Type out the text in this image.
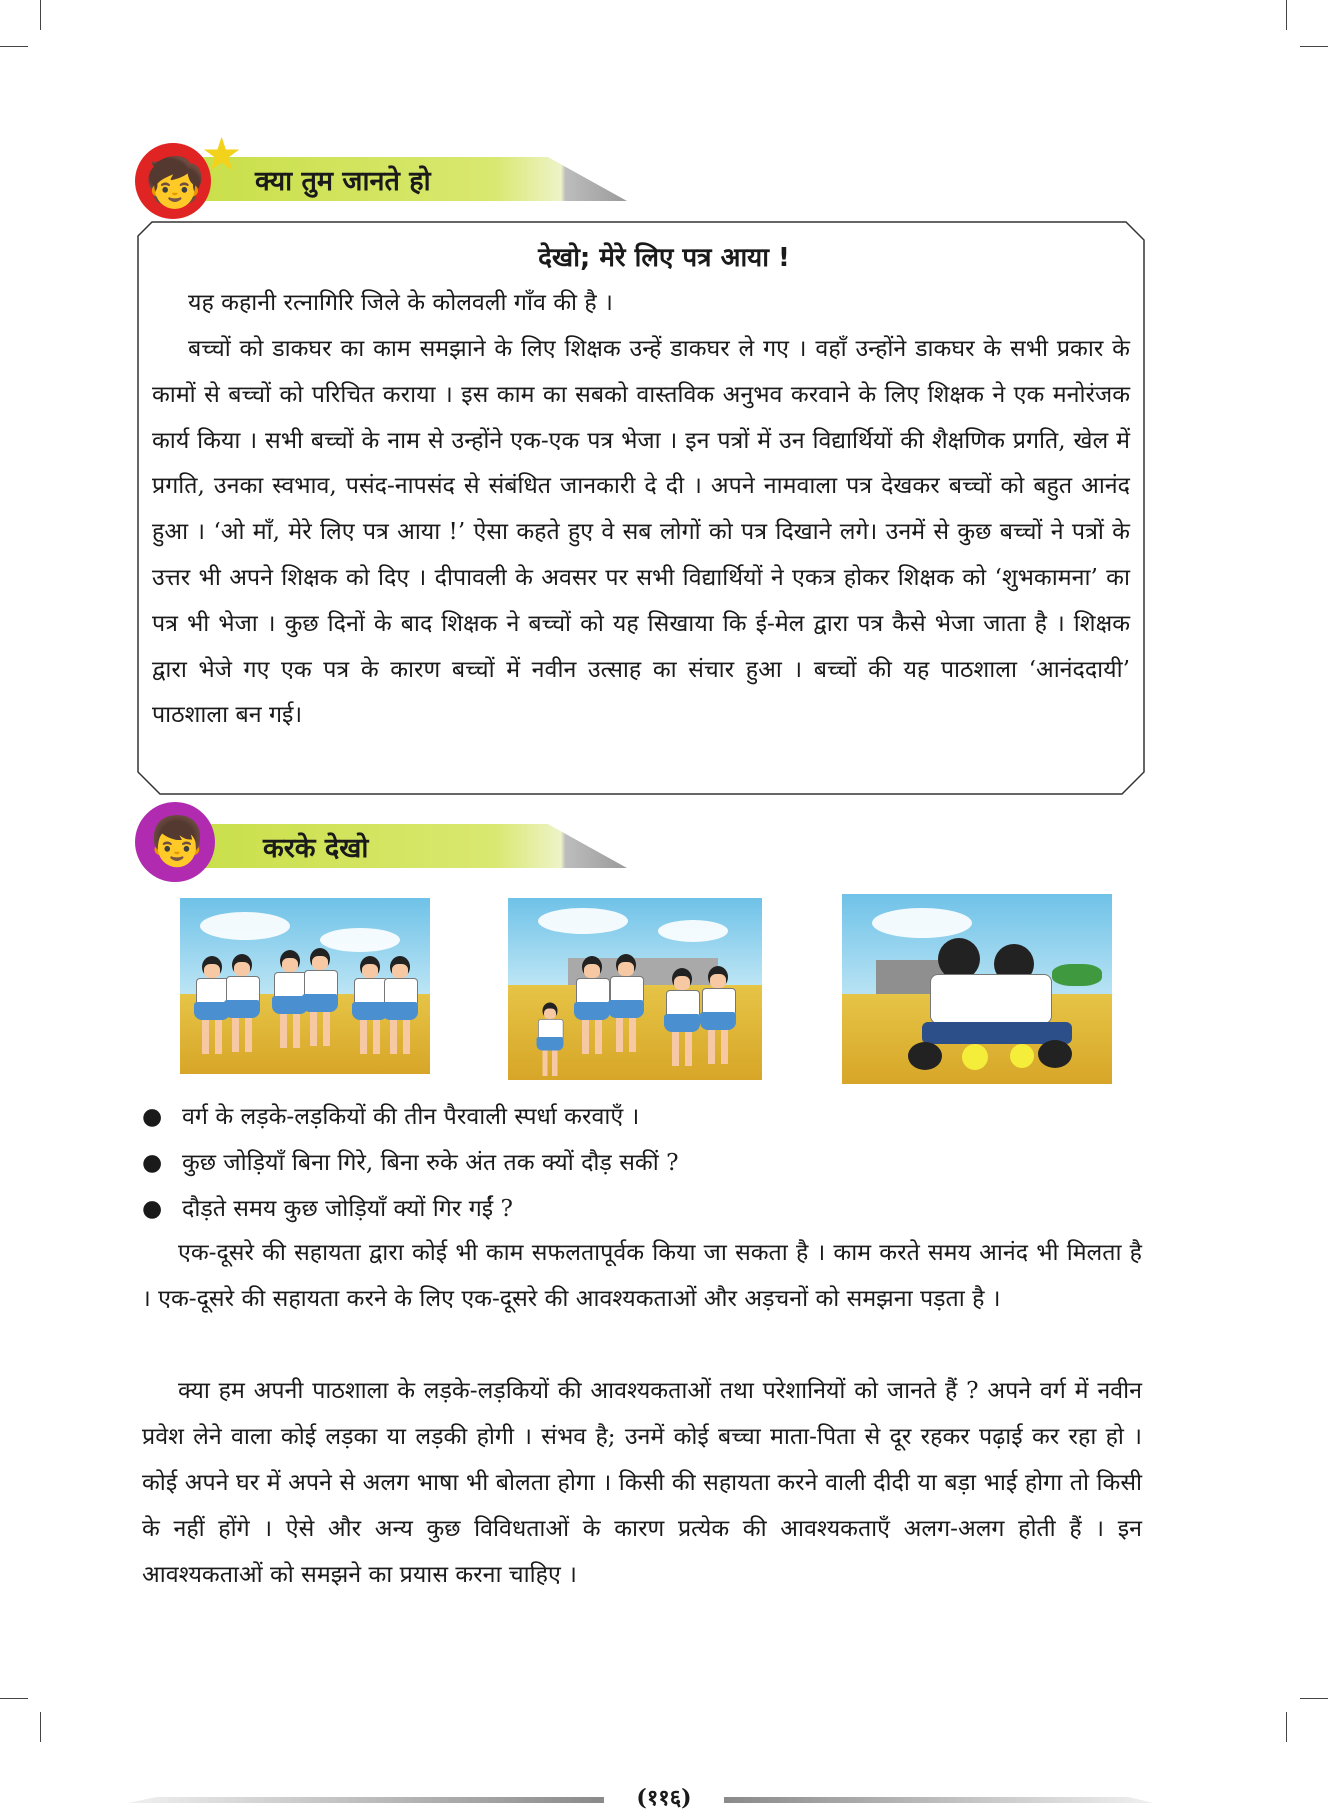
🧒
★
क्या तुम जानते हो
देखो; मेरे लिए पत्र आया !
यह कहानी रत्नागिरि जिले के कोलवली गाँव की है ।
बच्चों को डाकघर का काम समझाने के लिए शिक्षक उन्हें डाकघर ले गए । वहाँ उन्होंने डाकघर के सभी प्रकार के कामों से बच्चों को परिचित कराया । इस काम का सबको वास्तविक अनुभव करवाने के लिए शिक्षक ने एक मनोरंजक कार्य किया । सभी बच्चों के नाम से उन्होंने एक-एक पत्र भेजा । इन पत्रों में उन विद्यार्थियों की शैक्षणिक प्रगति, खेल में प्रगति, उनका स्वभाव, पसंद-नापसंद से संबंधित जानकारी दे दी । अपने नामवाला पत्र देखकर बच्चों को बहुत आनंद हुआ । ‘ओ माँ, मेरे लिए पत्र आया !’ ऐसा कहते हुए वे सब लोगों को पत्र दिखाने लगे। उनमें से कुछ बच्चों ने पत्रों के उत्तर भी अपने शिक्षक को दिए । दीपावली के अवसर पर सभी विद्यार्थियों ने एकत्र होकर शिक्षक को ‘शुभकामना’ का पत्र भी भेजा । कुछ दिनों के बाद शिक्षक ने बच्चों को यह सिखाया कि ई-मेल द्वारा पत्र कैसे भेजा जाता है । शिक्षक द्वारा भेजे गए एक पत्र के कारण बच्चों में नवीन उत्साह का संचार हुआ । बच्चों की यह पाठशाला ‘आनंददायी’ पाठशाला बन गई।
👦 करके देखो
● वर्ग के लड़के-लड़कियों की तीन पैरवाली स्पर्धा करवाएँ ।
● कुछ जोड़ियाँ बिना गिरे, बिना रुके अंत तक क्यों दौड़ सकीं ?
● दौड़ते समय कुछ जोड़ियाँ क्यों गिर गईं ?
एक-दूसरे की सहायता द्वारा कोई भी काम सफलतापूर्वक किया जा सकता है । काम करते समय आनंद भी मिलता है । एक-दूसरे की सहायता करने के लिए एक-दूसरे की आवश्यकताओं और अड़चनों को समझना पड़ता है ।
क्या हम अपनी पाठशाला के लड़के-लड़कियों की आवश्यकताओं तथा परेशानियों को जानते हैं ? अपने वर्ग में नवीन प्रवेश लेने वाला कोई लड़का या लड़की होगी । संभव है; उनमें कोई बच्चा माता-पिता से दूर रहकर पढ़ाई कर रहा हो । कोई अपने घर में अपने से अलग भाषा भी बोलता होगा । किसी की सहायता करने वाली दीदी या बड़ा भाई होगा तो किसी के नहीं होंगे । ऐसे और अन्य कुछ विविधताओं के कारण प्रत्येक की आवश्यकताएँ अलग-अलग होती हैं । इन आवश्यकताओं को समझने का प्रयास करना चाहिए ।
(११६)
